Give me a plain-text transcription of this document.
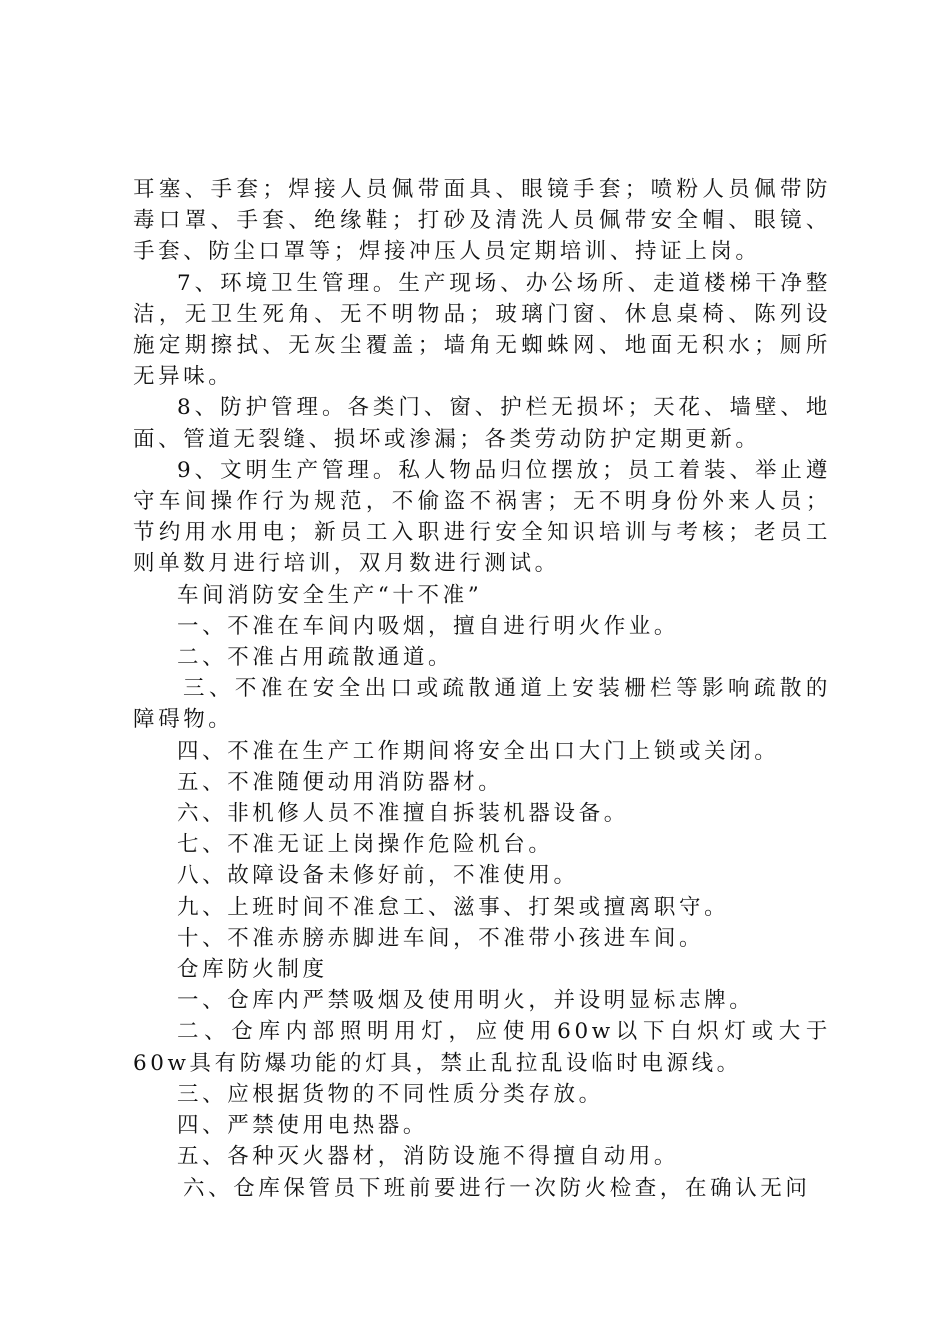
耳塞、手套；焊接人员佩带面具、眼镜手套；喷粉人员佩带防毒口罩、手套、绝缘鞋；打砂及清洗人员佩带安全帽、眼镜、手套、防尘口罩等；焊接冲压人员定期培训、持证上岗。

7、环境卫生管理。生产现场、办公场所、走道楼梯干净整洁，无卫生死角、无不明物品；玻璃门窗、休息桌椅、陈列设施定期擦拭、无灰尘覆盖；墙角无蜘蛛网、地面无积水；厕所无异味。

8、防护管理。各类门、窗、护栏无损坏；天花、墙壁、地面、管道无裂缝、损坏或渗漏；各类劳动防护定期更新。

9、文明生产管理。私人物品归位摆放；员工着装、举止遵守车间操作行为规范，不偷盗不祸害；无不明身份外来人员；节约用水用电；新员工入职进行安全知识培训与考核；老员工则单数月进行培训，双月数进行测试。

车间消防安全生产“十不准”

一、不准在车间内吸烟，擅自进行明火作业。

二、不准占用疏散通道。

三、不准在安全出口或疏散通道上安装栅栏等影响疏散的障碍物。

四、不准在生产工作期间将安全出口大门上锁或关闭。

五、不准随便动用消防器材。

六、非机修人员不准擅自拆装机器设备。

七、不准无证上岗操作危险机台。

八、故障设备未修好前，不准使用。

九、上班时间不准怠工、滋事、打架或擅离职守。

十、不准赤膀赤脚进车间，不准带小孩进车间。

仓库防火制度

一、仓库内严禁吸烟及使用明火，并设明显标志牌。

二、仓库内部照明用灯，应使用60w以下白炽灯或大于60w具有防爆功能的灯具，禁止乱拉乱设临时电源线。

三、应根据货物的不同性质分类存放。

四、严禁使用电热器。

五、各种灭火器材，消防设施不得擅自动用。

六、仓库保管员下班前要进行一次防火检查，在确认无问
